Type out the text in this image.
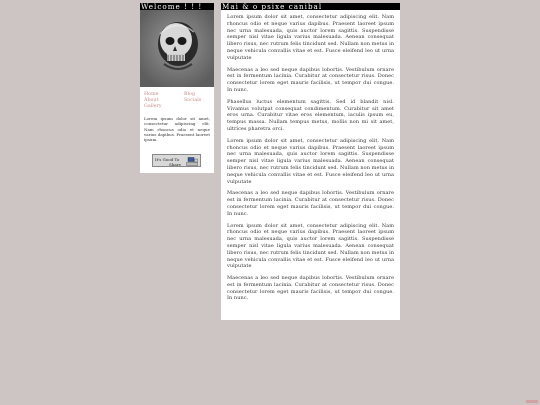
Welcome ! ! !
Home	Blog
About	Socials
Gallery
Lorem ipsum dolor sit amet, consectetur adipiscing elit. Nam rhoncus odio et neque varius dapibus. Praesent laoreet ipsum.
It's Good To
Share
Mai & o psixe canibal

Lorem ipsum dolor sit amet, consectetur adipiscing elit. Nam rhoncus odio et neque varius dapibus. Praesent laoreet ipsum nec urna malesuada, quis auctor lorem sagittis. Suspendisse semper nisl vitae ligula varius malesuada. Aenean consequat libero risus, nec rutrum felis tincidunt sed. Nullam non metus in neque vehicula convallis vitae et est. Fusce eleifend leo ut urna vulputate

Maecenas a leo sed neque dapibus lobortis. Vestibulum ornare est in fermentum lacinia. Curabitur at consectetur risus. Donec consectetur lorem eget mauris facilisis, ut tempor dui congue. In nunc.

Phasellus luctus elementum sagittis. Sed id blandit nisl. Vivamus volutpat consequat condimentum. Curabitur sit amet eros urna. Curabitur vitae eros elementum, iaculis ipsum eu, tempus massa. Nullam tempus metus, mollis non mi sit amet, ultrices pharetra orci.

Lorem ipsum dolor sit amet, consectetur adipiscing elit. Nam rhoncus odio et neque varius dapibus. Praesent laoreet ipsum nec urna malesuada, quis auctor lorem sagittis. Suspendisse semper nisl vitae ligula varius malesuada. Aenean consequat libero risus, nec rutrum felis tincidunt sed. Nullam non metus in neque vehicula convallis vitae et est. Fusce eleifend leo ut urna vulputate

Maecenas a leo sed neque dapibus lobortis. Vestibulum ornare est in fermentum lacinia. Curabitur at consectetur risus. Donec consectetur lorem eget mauris facilisis, ut tempor dui congue. In nunc.

Lorem ipsum dolor sit amet, consectetur adipiscing elit. Nam rhoncus odio et neque varius dapibus. Praesent laoreet ipsum nec urna malesuada, quis auctor lorem sagittis. Suspendisse semper nisl vitae ligula varius malesuada. Aenean consequat libero risus, nec rutrum felis tincidunt sed. Nullam non metus in neque vehicula convallis vitae et est. Fusce eleifend leo ut urna vulputate

Maecenas a leo sed neque dapibus lobortis. Vestibulum ornare est in fermentum lacinia. Curabitur at consectetur risus. Donec consectetur lorem eget mauris facilisis, ut tempor dui congue. In nunc.
